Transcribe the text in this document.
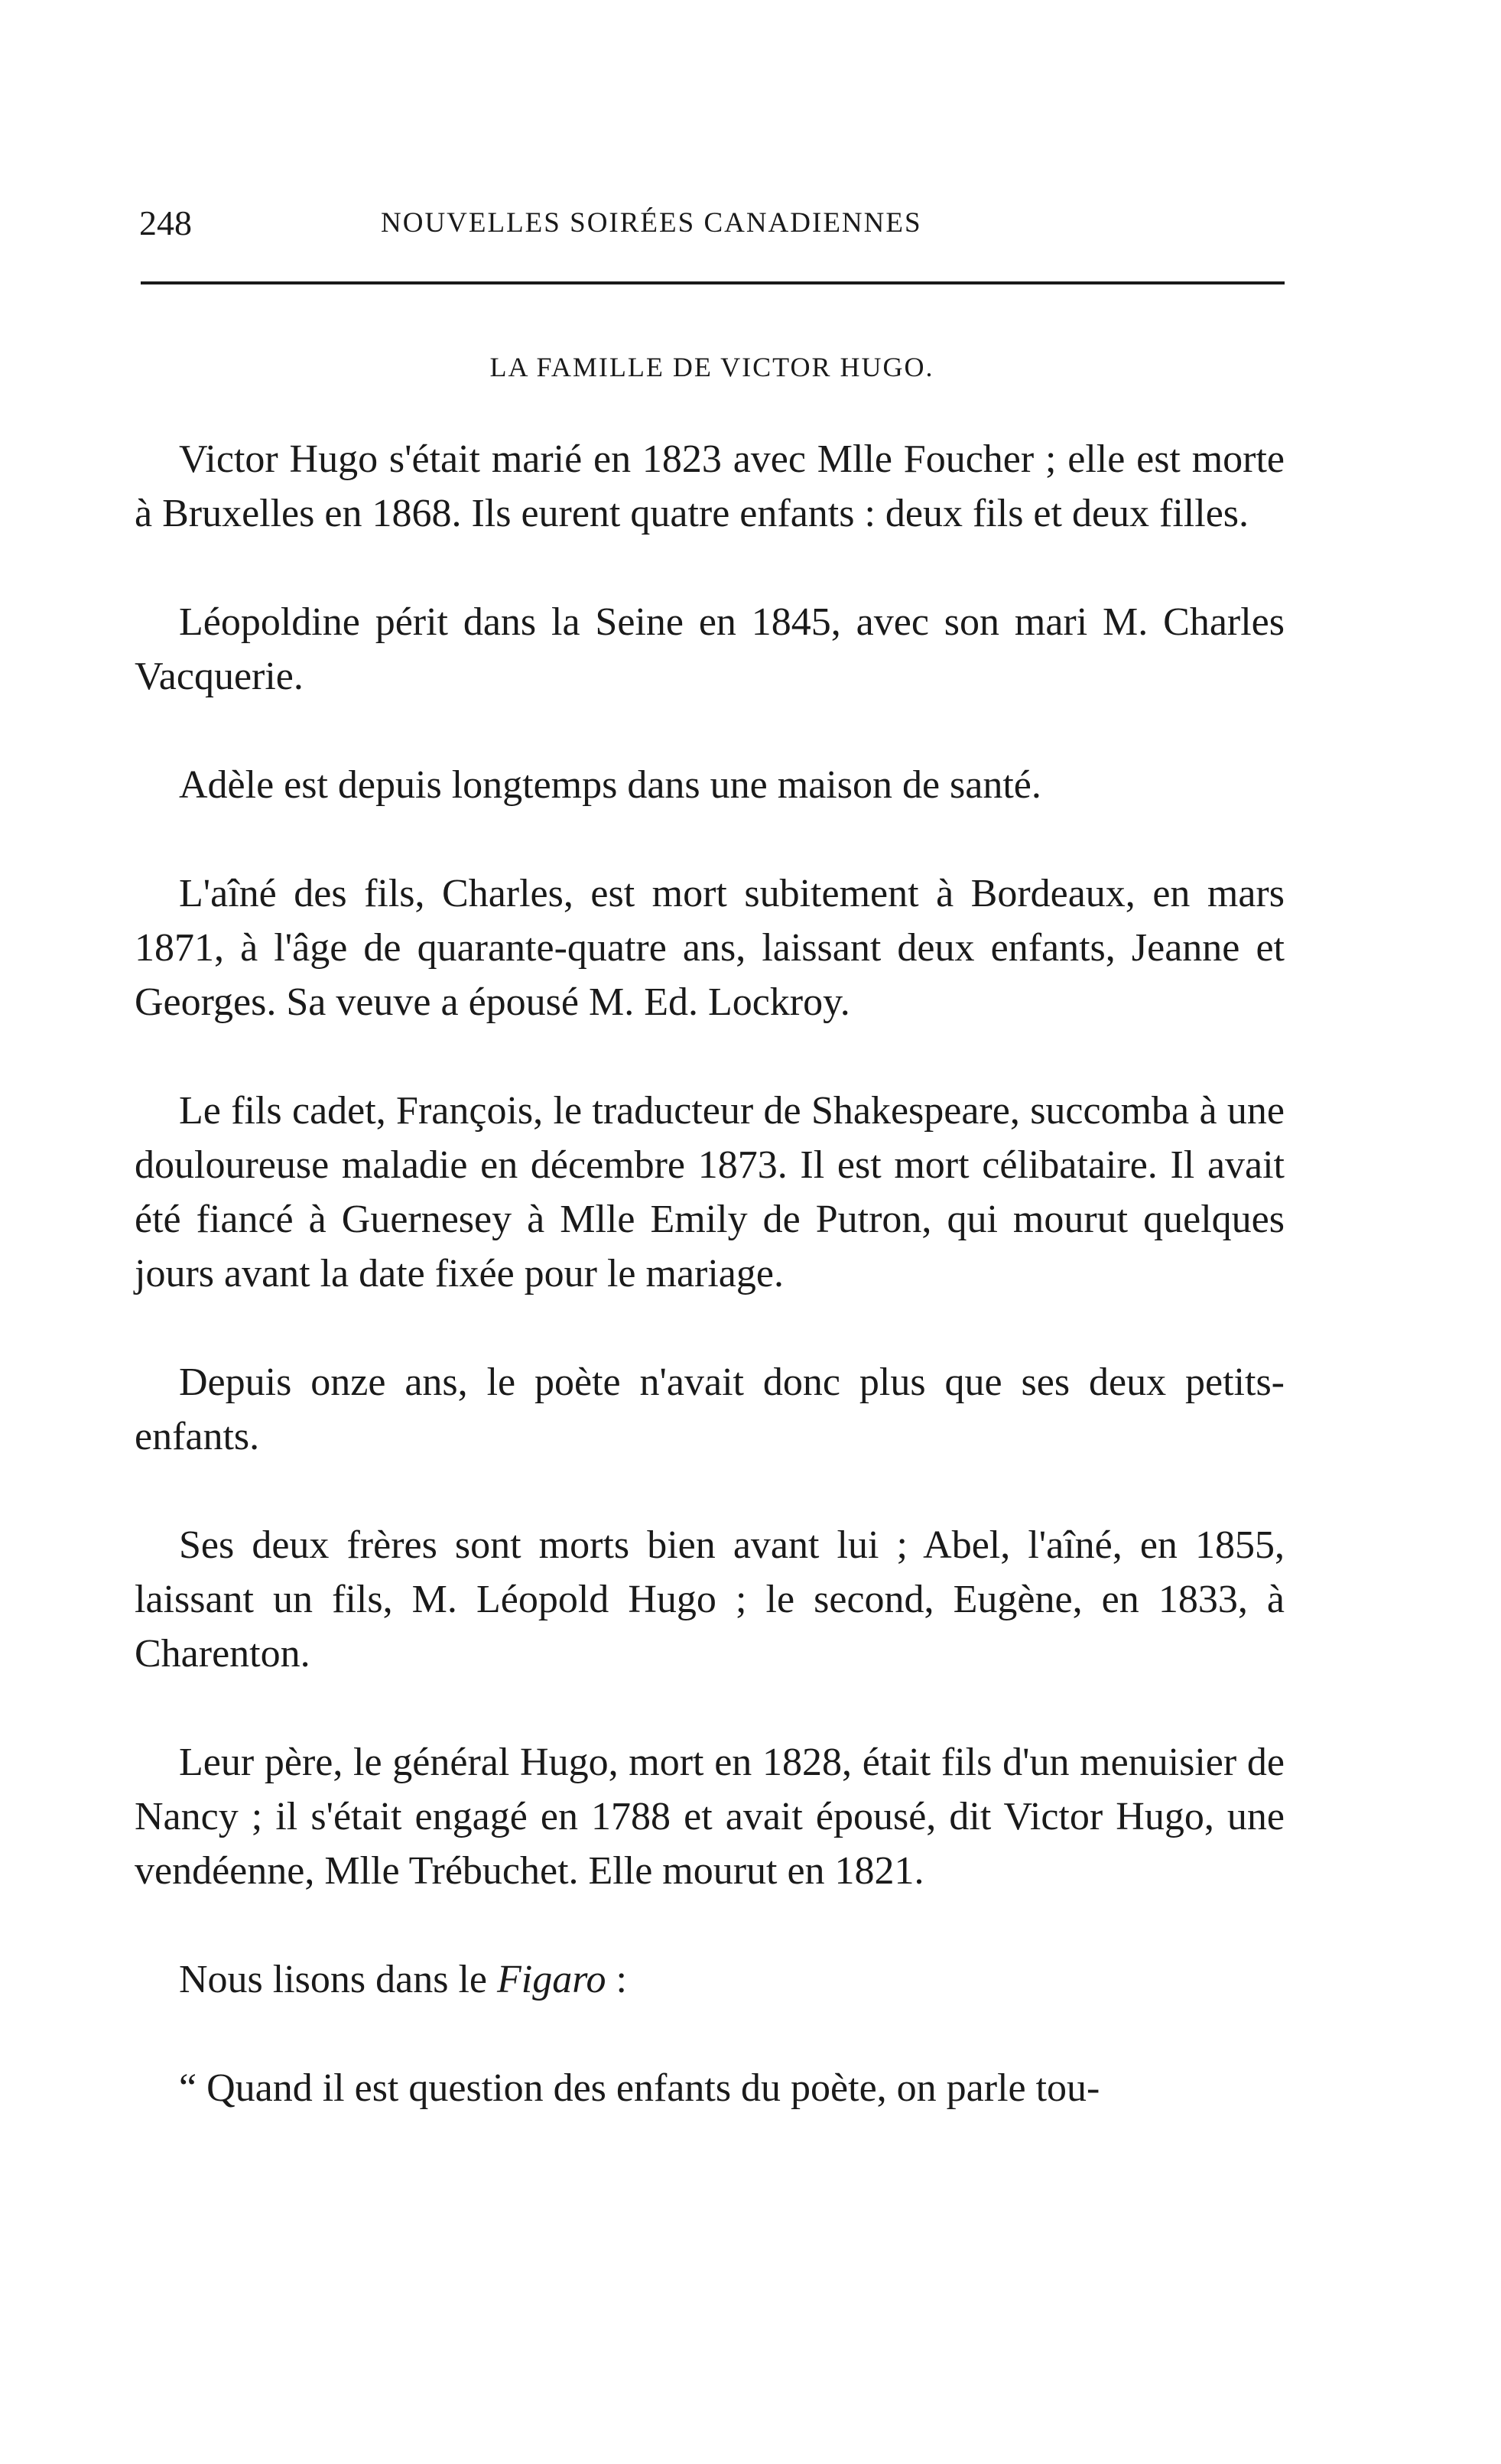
248	NOUVELLES SOIRÉES CANADIENNES
LA FAMILLE DE VICTOR HUGO.

Victor Hugo s'était marié en 1823 avec Mlle Foucher ; elle est morte à Bruxelles en 1868. Ils eurent quatre enfants : deux fils et deux filles.

Léopoldine périt dans la Seine en 1845, avec son mari M. Charles Vacquerie.

Adèle est depuis longtemps dans une maison de santé.

L'aîné des fils, Charles, est mort subitement à Bordeaux, en mars 1871, à l'âge de quarante-quatre ans, laissant deux enfants, Jeanne et Georges. Sa veuve a épousé M. Ed. Lockroy.

Le fils cadet, François, le traducteur de Shakespeare, succomba à une douloureuse maladie en décembre 1873. Il est mort célibataire. Il avait été fiancé à Guernesey à Mlle Emily de Putron, qui mourut quelques jours avant la date fixée pour le mariage.

Depuis onze ans, le poète n'avait donc plus que ses deux petits-enfants.

Ses deux frères sont morts bien avant lui ; Abel, l'aîné, en 1855, laissant un fils, M. Léopold Hugo ; le second, Eugène, en 1833, à Charenton.

Leur père, le général Hugo, mort en 1828, était fils d'un menuisier de Nancy ; il s'était engagé en 1788 et avait épousé, dit Victor Hugo, une vendéenne, Mlle Trébuchet. Elle mourut en 1821.

Nous lisons dans le Figaro :

“ Quand il est question des enfants du poète, on parle tou-
